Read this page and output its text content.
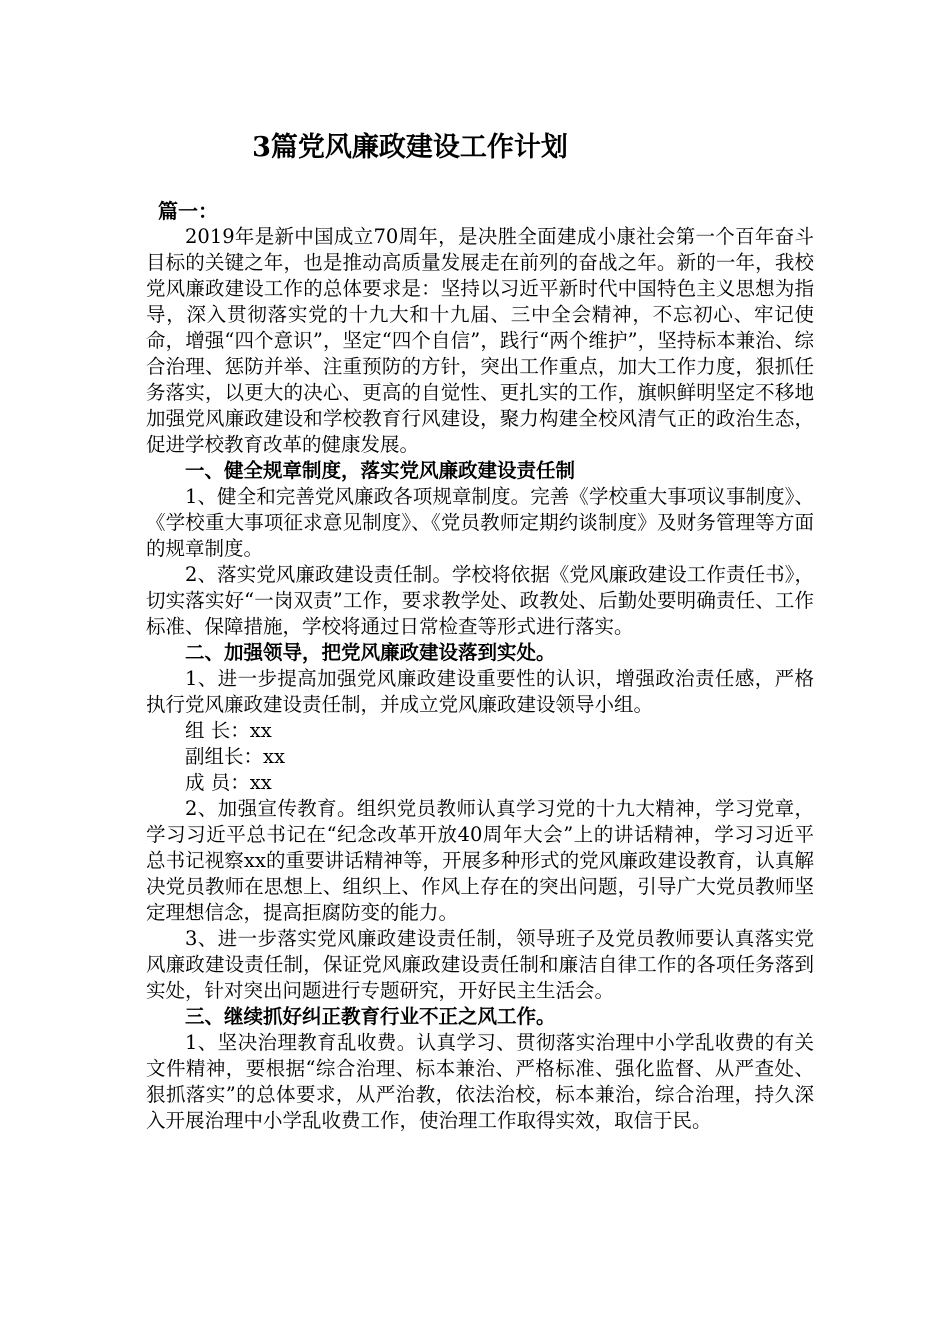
3篇党风廉政建设工作计划
篇一：

2019年是新中国成立70周年，是决胜全面建成小康社会第一个百年奋斗目标的关键之年，也是推动高质量发展走在前列的奋战之年。新的一年，我校党风廉政建设工作的总体要求是：坚持以习近平新时代中国特色主义思想为指导，深入贯彻落实党的十九大和十九届、三中全会精神，不忘初心、牢记使命，增强“四个意识”，坚定“四个自信”，践行“两个维护”，坚持标本兼治、综合治理、惩防并举、注重预防的方针，突出工作重点，加大工作力度，狠抓任务落实，以更大的决心、更高的自觉性、更扎实的工作，旗帜鲜明坚定不移地加强党风廉政建设和学校教育行风建设，聚力构建全校风清气正的政治生态，促进学校教育改革的健康发展。

一、健全规章制度，落实党风廉政建设责任制

1、健全和完善党风廉政各项规章制度。完善《学校重大事项议事制度》、《学校重大事项征求意见制度》、《党员教师定期约谈制度》及财务管理等方面的规章制度。

2、落实党风廉政建设责任制。学校将依据《党风廉政建设工作责任书》，切实落实好“一岗双责”工作，要求教学处、政教处、后勤处要明确责任、工作标准、保障措施，学校将通过日常检查等形式进行落实。

二、加强领导，把党风廉政建设落到实处。

1、进一步提高加强党风廉政建设重要性的认识，增强政治责任感，严格执行党风廉政建设责任制，并成立党风廉政建设领导小组。

组 长：xx

副组长：xx

成 员：xx

2、加强宣传教育。组织党员教师认真学习党的十九大精神，学习党章，学习习近平总书记在“纪念改革开放40周年大会”上的讲话精神，学习习近平总书记视察xx的重要讲话精神等，开展多种形式的党风廉政建设教育，认真解决党员教师在思想上、组织上、作风上存在的突出问题，引导广大党员教师坚定理想信念，提高拒腐防变的能力。

3、进一步落实党风廉政建设责任制，领导班子及党员教师要认真落实党风廉政建设责任制，保证党风廉政建设责任制和廉洁自律工作的各项任务落到实处，针对突出问题进行专题研究，开好民主生活会。

三、继续抓好纠正教育行业不正之风工作。

1、坚决治理教育乱收费。认真学习、贯彻落实治理中小学乱收费的有关文件精神，要根据“综合治理、标本兼治、严格标准、强化监督、从严查处、狠抓落实”的总体要求，从严治教，依法治校，标本兼治，综合治理，持久深入开展治理中小学乱收费工作，使治理工作取得实效，取信于民。
